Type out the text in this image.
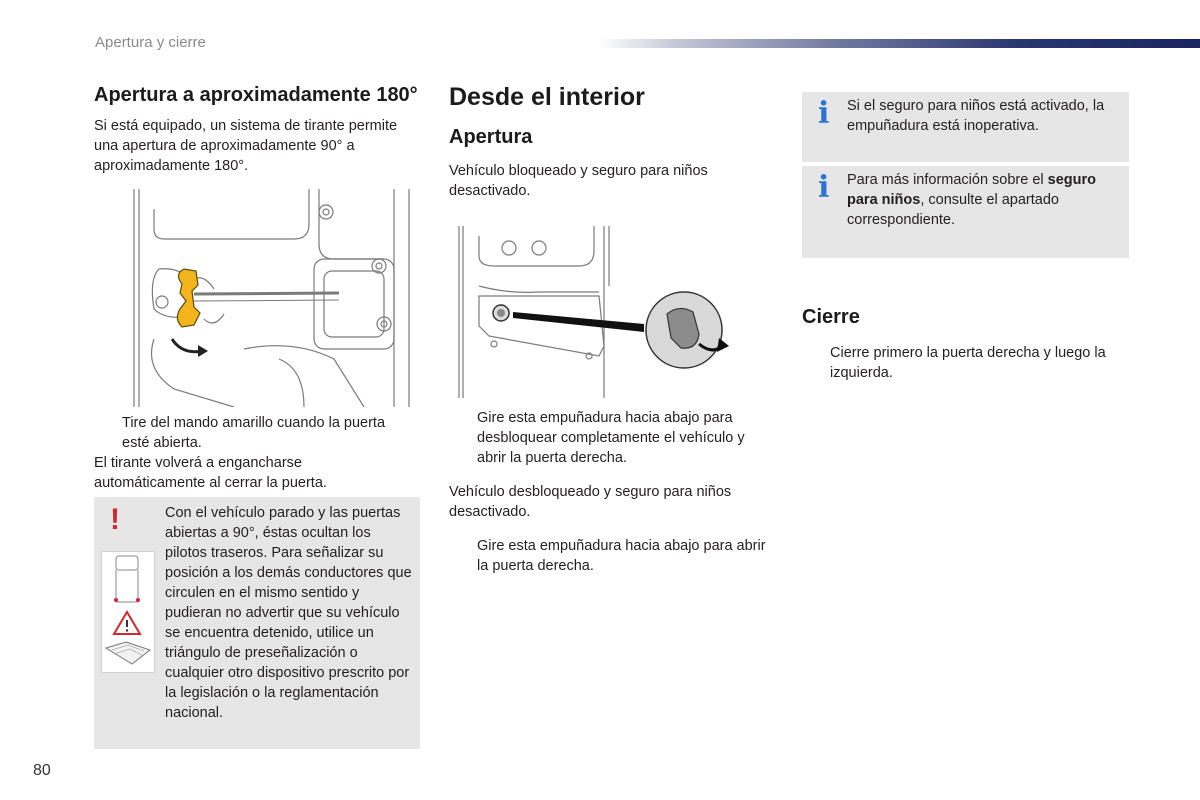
Apertura y cierre
Apertura a aproximadamente 180°

Si está equipado, un sistema de tirante permite una apertura de aproximadamente 90° a aproximadamente 180°.

Tire del mando amarillo cuando la puerta esté abierta.

El tirante volverá a engancharse automáticamente al cerrar la puerta.

!	Con el vehículo parado y las puertas abiertas a 90°, éstas ocultan los pilotos traseros. Para señalizar su posición a los demás conductores que circulen en el mismo sentido y pudieran no advertir que su vehículo se encuentra detenido, utilice un triángulo de preseñalización o cualquier otro dispositivo prescrito por la legislación o la reglamentación nacional.
Desde el interior
Apertura

Vehículo bloqueado y seguro para niños desactivado.

Gire esta empuñadura hacia abajo para desbloquear completamente el vehículo y abrir la puerta derecha.

Vehículo desbloqueado y seguro para niños desactivado.

Gire esta empuñadura hacia abajo para abrir la puerta derecha.
i Si el seguro para niños está activado, la empuñadura está inoperativa.
i Para más información sobre el seguro para niños, consulte el apartado correspondiente.
Cierre
Cierre primero la puerta derecha y luego la izquierda.
80
